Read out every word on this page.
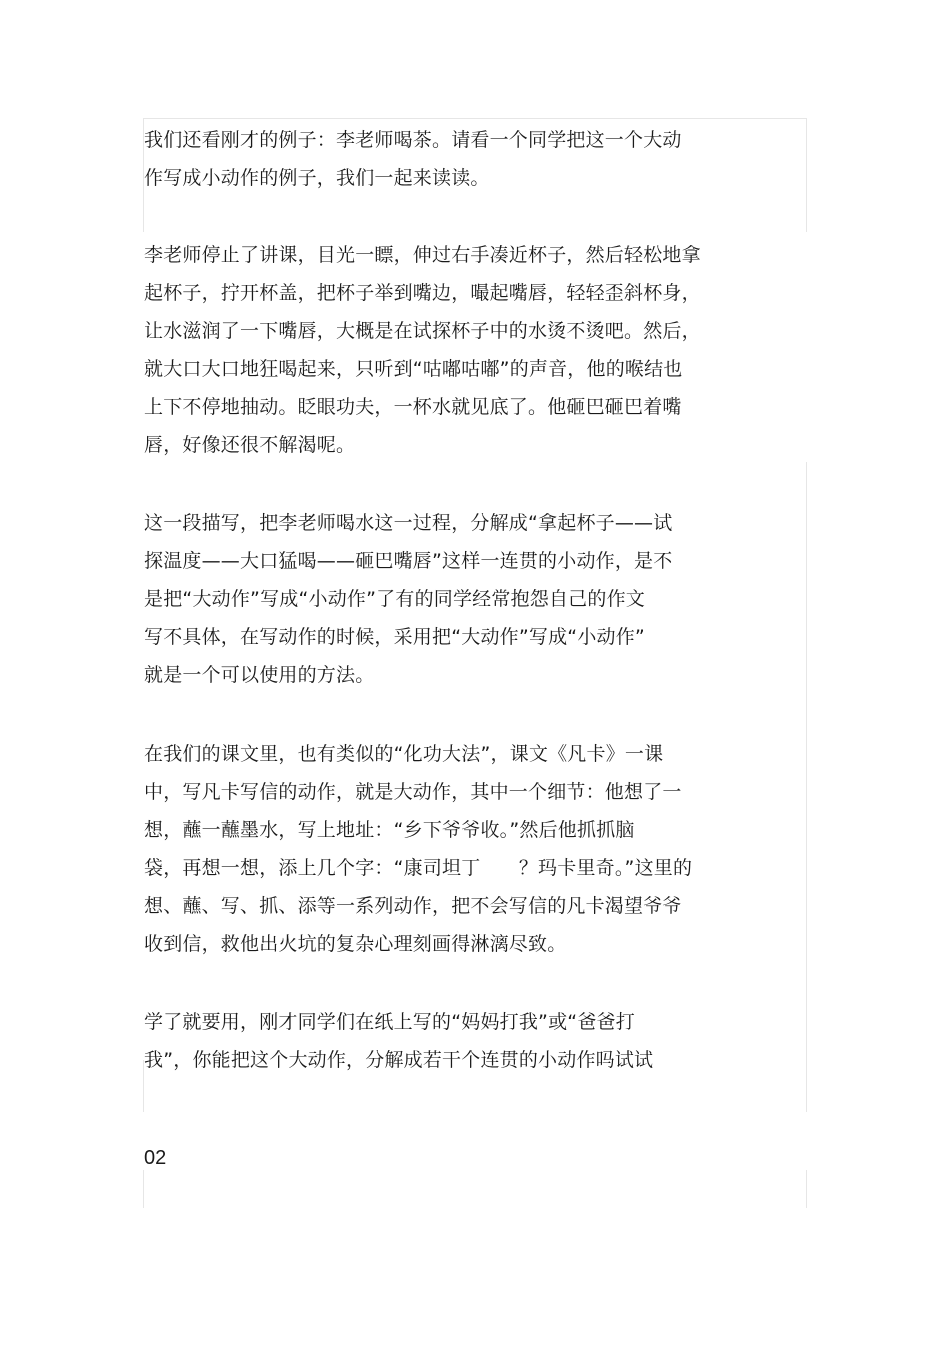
我们还看刚才的例子：李老师喝茶。请看一个同学把这一个大动
作写成小动作的例子，我们一起来读读。

李老师停止了讲课，目光一瞟，伸过右手凑近杯子，然后轻松地拿
起杯子，拧开杯盖，把杯子举到嘴边，嘬起嘴唇，轻轻歪斜杯身，
让水滋润了一下嘴唇，大概是在试探杯子中的水烫不烫吧。然后，
就大口大口地狂喝起来，只听到“咕嘟咕嘟”的声音，他的喉结也
上下不停地抽动。眨眼功夫，一杯水就见底了。他砸巴砸巴着嘴
唇，好像还很不解渴呢。

这一段描写，把李老师喝水这一过程，分解成“拿起杯子——试
探温度——大口猛喝——砸巴嘴唇”这样一连贯的小动作，是不
是把“大动作”写成“小动作”了有的同学经常抱怨自己的作文
写不具体，在写动作的时候，采用把“大动作”写成“小动作”
就是一个可以使用的方法。

在我们的课文里，也有类似的“化功大法”，课文《凡卡》一课
中，写凡卡写信的动作，就是大动作，其中一个细节：他想了一
想，蘸一蘸墨水，写上地址：“乡下爷爷收。”然后他抓抓脑
袋，再想一想，添上几个字：“康司坦丁　　？玛卡里奇。”这里的
想、蘸、写、抓、添等一系列动作，把不会写信的凡卡渴望爷爷
收到信，救他出火坑的复杂心理刻画得淋漓尽致。

学了就要用，刚才同学们在纸上写的“妈妈打我”或“爸爸打
我”，你能把这个大动作，分解成若干个连贯的小动作吗试试

02
